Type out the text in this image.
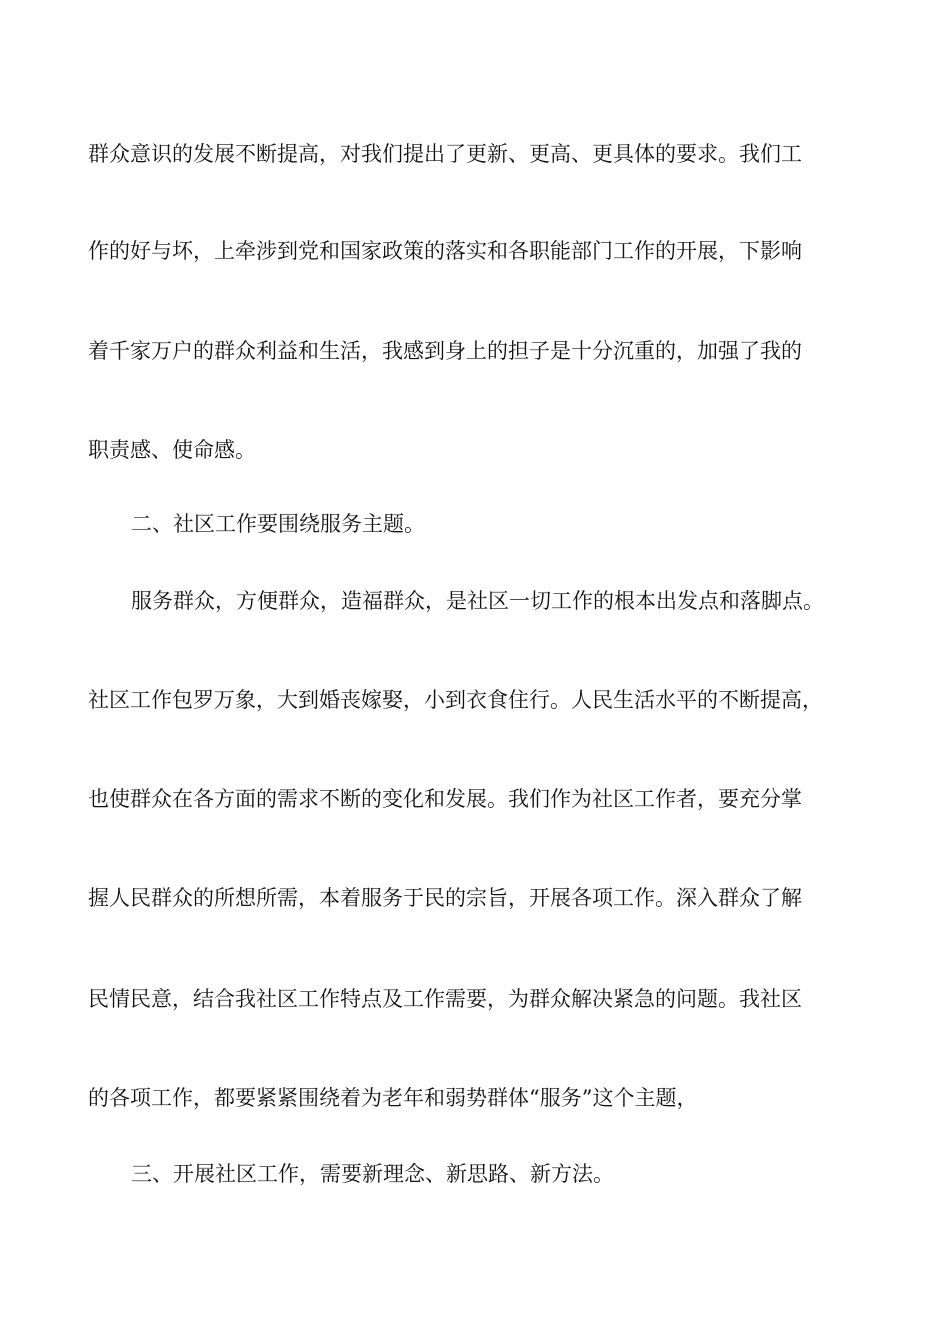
群众意识的发展不断提高，对我们提出了更新、更高、更具体的要求。我们工

作的好与坏，上牵涉到党和国家政策的落实和各职能部门工作的开展，下影响

着千家万户的群众利益和生活，我感到身上的担子是十分沉重的，加强了我的

职责感、使命感。

二、社区工作要围绕服务主题。

服务群众，方便群众，造福群众，是社区一切工作的根本出发点和落脚点。

社区工作包罗万象，大到婚丧嫁娶，小到衣食住行。人民生活水平的不断提高，

也使群众在各方面的需求不断的变化和发展。我们作为社区工作者，要充分掌

握人民群众的所想所需，本着服务于民的宗旨，开展各项工作。深入群众了解

民情民意，结合我社区工作特点及工作需要，为群众解决紧急的问题。我社区

的各项工作，都要紧紧围绕着为老年和弱势群体“服务”这个主题，

三、开展社区工作，需要新理念、新思路、新方法。
